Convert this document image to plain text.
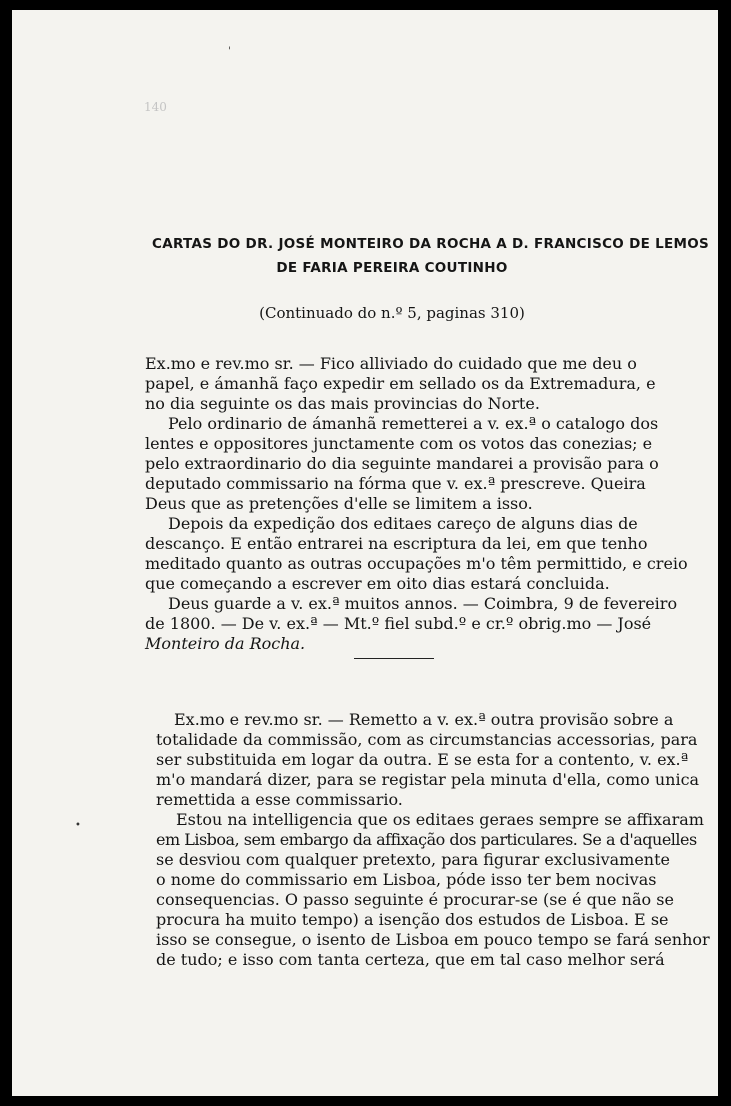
140
CARTAS DO DR. JOSÉ MONTEIRO DA ROCHA A D. FRANCISCO DE LEMOS
DE FARIA PEREIRA COUTINHO
(Continuado do n.º 5, paginas 310)
Ex.mo e rev.mo sr. — Fico alliviado do cuidado que me deu o
papel, e ámanhã faço expedir em sellado os da Extremadura, e
no dia seguinte os das mais provincias do Norte.
Pelo ordinario de ámanhã remetterei a v. ex.ª o catalogo dos
lentes e oppositores junctamente com os votos das conezias; e
pelo extraordinario do dia seguinte mandarei a provisão para o
deputado commissario na fórma que v. ex.ª prescreve. Queira
Deus que as pretenções d'elle se limitem a isso.
Depois da expedição dos editaes careço de alguns dias de
descanço. E então entrarei na escriptura da lei, em que tenho
meditado quanto as outras occupações m'o têm permittido, e creio
que começando a escrever em oito dias estará concluida.
Deus guarde a v. ex.ª muitos annos. — Coimbra, 9 de fevereiro
de 1800. — De v. ex.ª — Mt.º fiel subd.º e cr.º obrig.mo — José
Monteiro da Rocha.
Ex.mo e rev.mo sr. — Remetto a v. ex.ª outra provisão sobre a
totalidade da commissão, com as circumstancias accessorias, para
ser substituida em logar da outra. E se esta for a contento, v. ex.ª
m'o mandará dizer, para se registar pela minuta d'ella, como unica
remettida a esse commissario.
Estou na intelligencia que os editaes geraes sempre se affixaram
em Lisboa, sem embargo da affixação dos particulares. Se a d'aquelles
se desviou com qualquer pretexto, para figurar exclusivamente
o nome do commissario em Lisboa, póde isso ter bem nocivas
consequencias. O passo seguinte é procurar-se (se é que não se
procura ha muito tempo) a isenção dos estudos de Lisboa. E se
isso se consegue, o isento de Lisboa em pouco tempo se fará senhor
de tudo; e isso com tanta certeza, que em tal caso melhor será
•
'
